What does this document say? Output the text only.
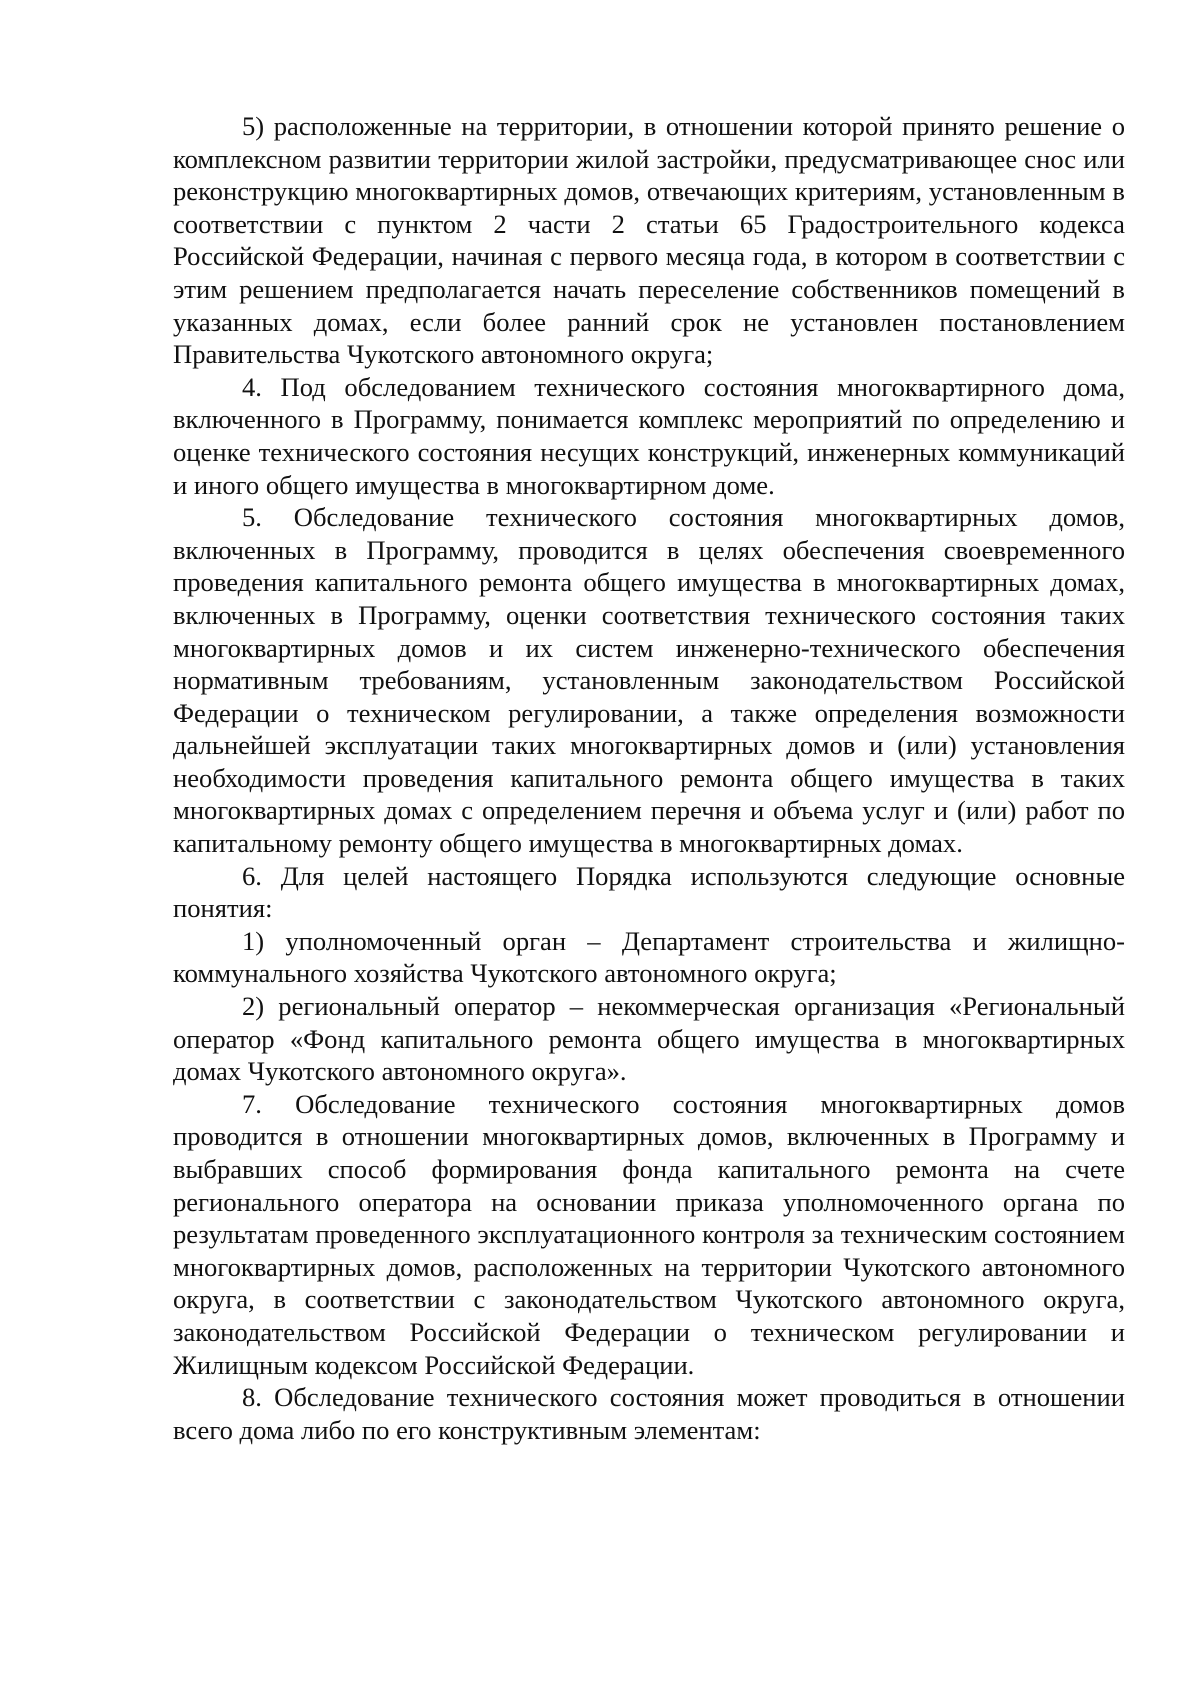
5) расположенные на территории, в отношении которой принято решение о комплексном развитии территории жилой застройки, предусматривающее снос или реконструкцию многоквартирных домов, отвечающих критериям, установленным в соответствии с пунктом 2 части 2 статьи 65 Градостроительного кодекса Российской Федерации, начиная с первого месяца года, в котором в соответствии с этим решением предполагается начать переселение собственников помещений в указанных домах, если более ранний срок не установлен постановлением Правительства Чукотского автономного округа;

4. Под обследованием технического состояния многоквартирного дома, включенного в Программу, понимается комплекс мероприятий по определению и оценке технического состояния несущих конструкций, инженерных коммуникаций и иного общего имущества в многоквартирном доме.

5. Обследование технического состояния многоквартирных домов, включенных в Программу, проводится в целях обеспечения своевременного проведения капитального ремонта общего имущества в многоквартирных домах, включенных в Программу, оценки соответствия технического состояния таких многоквартирных домов и их систем инженерно-технического обеспечения нормативным требованиям, установленным законодательством Российской Федерации о техническом регулировании, а также определения возможности дальнейшей эксплуатации таких многоквартирных домов и (или) установления необходимости проведения капитального ремонта общего имущества в таких многоквартирных домах с определением перечня и объема услуг и (или) работ по капитальному ремонту общего имущества в многоквартирных домах.

6. Для целей настоящего Порядка используются следующие основные понятия:

1) уполномоченный орган – Департамент строительства и жилищно-коммунального хозяйства Чукотского автономного округа;

2) региональный оператор – некоммерческая организация «Региональный оператор «Фонд капитального ремонта общего имущества в многоквартирных домах Чукотского автономного округа».

7. Обследование технического состояния многоквартирных домов проводится в отношении многоквартирных домов, включенных в Программу и выбравших способ формирования фонда капитального ремонта на счете регионального оператора на основании приказа уполномоченного органа по результатам проведенного эксплуатационного контроля за техническим состоянием многоквартирных домов, расположенных на территории Чукотского автономного округа, в соответствии с законодательством Чукотского автономного округа, законодательством Российской Федерации о техническом регулировании и Жилищным кодексом Российской Федерации.

8. Обследование технического состояния может проводиться в отношении всего дома либо по его конструктивным элементам:
